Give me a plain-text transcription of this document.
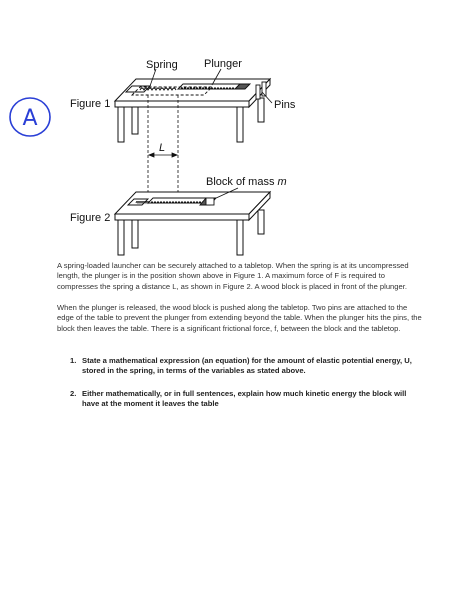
A
Spring Plunger
Pins
Figure 1
L
Block of mass m
Figure 2

A spring-loaded launcher can be securely attached to a tabletop. When the spring is at its uncompressed length, the plunger is in the position shown above in Figure 1. A maximum force of F is required to compresses the spring a distance L, as shown in Figure 2. A wood block is placed in front of the plunger.

When the plunger is released, the wood block is pushed along the tabletop. Two pins are attached to the edge of the table to prevent the plunger from extending beyond the table. When the plunger hits the pins, the block then leaves the table. There is a significant frictional force, f, between the block and the tabletop.

1. State a mathematical expression (an equation) for the amount of elastic potential energy, U, stored in the spring, in terms of the variables as stated above.
2. Either mathematically, or in full sentences, explain how much kinetic energy the block will have at the moment it leaves the table
